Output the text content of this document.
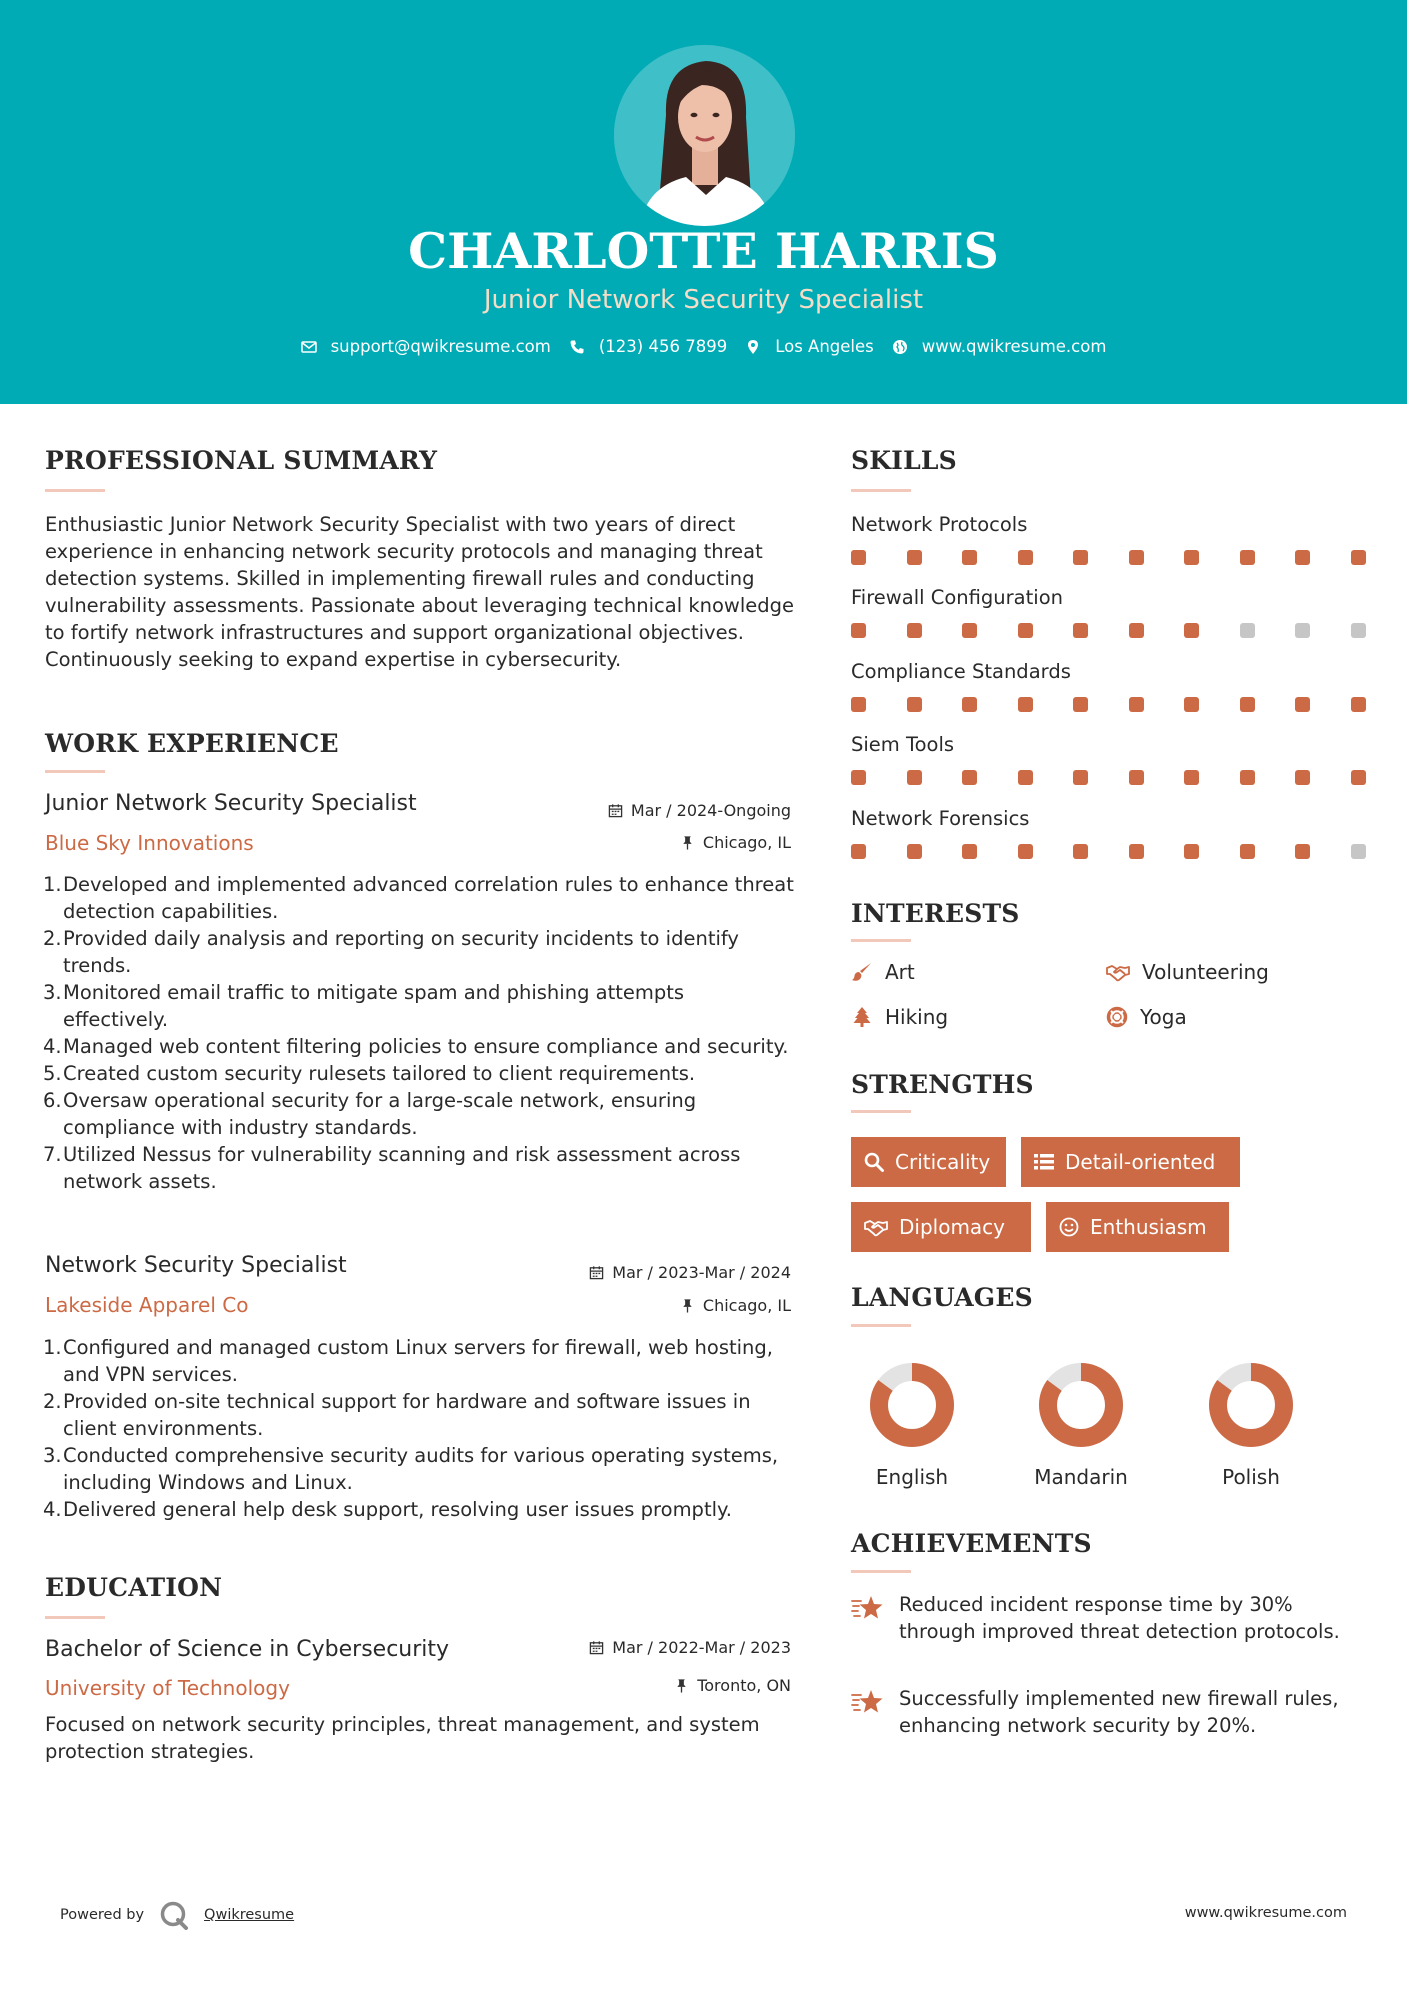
CHARLOTTE HARRIS
Junior Network Security Specialist
support@qwikresume.com	(123) 456 7899	Los Angeles	www.qwikresume.com
PROFESSIONAL SUMMARY
Enthusiastic Junior Network Security Specialist with two years of direct experience in enhancing network security protocols and managing threat detection systems. Skilled in implementing firewall rules and conducting vulnerability assessments. Passionate about leveraging technical knowledge to fortify network infrastructures and support organizational objectives. Continuously seeking to expand expertise in cybersecurity.
WORK EXPERIENCE
Junior Network Security Specialist	Mar / 2024-Ongoing
Blue Sky Innovations	Chicago, IL
1. Developed and implemented advanced correlation rules to enhance threat detection capabilities.
2. Provided daily analysis and reporting on security incidents to identify trends.
3. Monitored email traffic to mitigate spam and phishing attempts effectively.
4. Managed web content filtering policies to ensure compliance and security.
5. Created custom security rulesets tailored to client requirements.
6. Oversaw operational security for a large-scale network, ensuring compliance with industry standards.
7. Utilized Nessus for vulnerability scanning and risk assessment across network assets.
Network Security Specialist	Mar / 2023-Mar / 2024
Lakeside Apparel Co	Chicago, IL
1. Configured and managed custom Linux servers for firewall, web hosting, and VPN services.
2. Provided on-site technical support for hardware and software issues in client environments.
3. Conducted comprehensive security audits for various operating systems, including Windows and Linux.
4. Delivered general help desk support, resolving user issues promptly.
EDUCATION
Bachelor of Science in Cybersecurity	Mar / 2022-Mar / 2023
University of Technology	Toronto, ON
Focused on network security principles, threat management, and system protection strategies.
SKILLS
Network Protocols
Firewall Configuration
Compliance Standards
Siem Tools
Network Forensics
INTERESTS
Art	Volunteering
Hiking	Yoga
STRENGTHS
Criticality	Detail-oriented
Diplomacy	Enthusiasm
LANGUAGES
English	Mandarin	Polish
ACHIEVEMENTS
Reduced incident response time by 30% through improved threat detection protocols.
Successfully implemented new firewall rules, enhancing network security by 20%.
Powered by	Qwikresume	www.qwikresume.com
